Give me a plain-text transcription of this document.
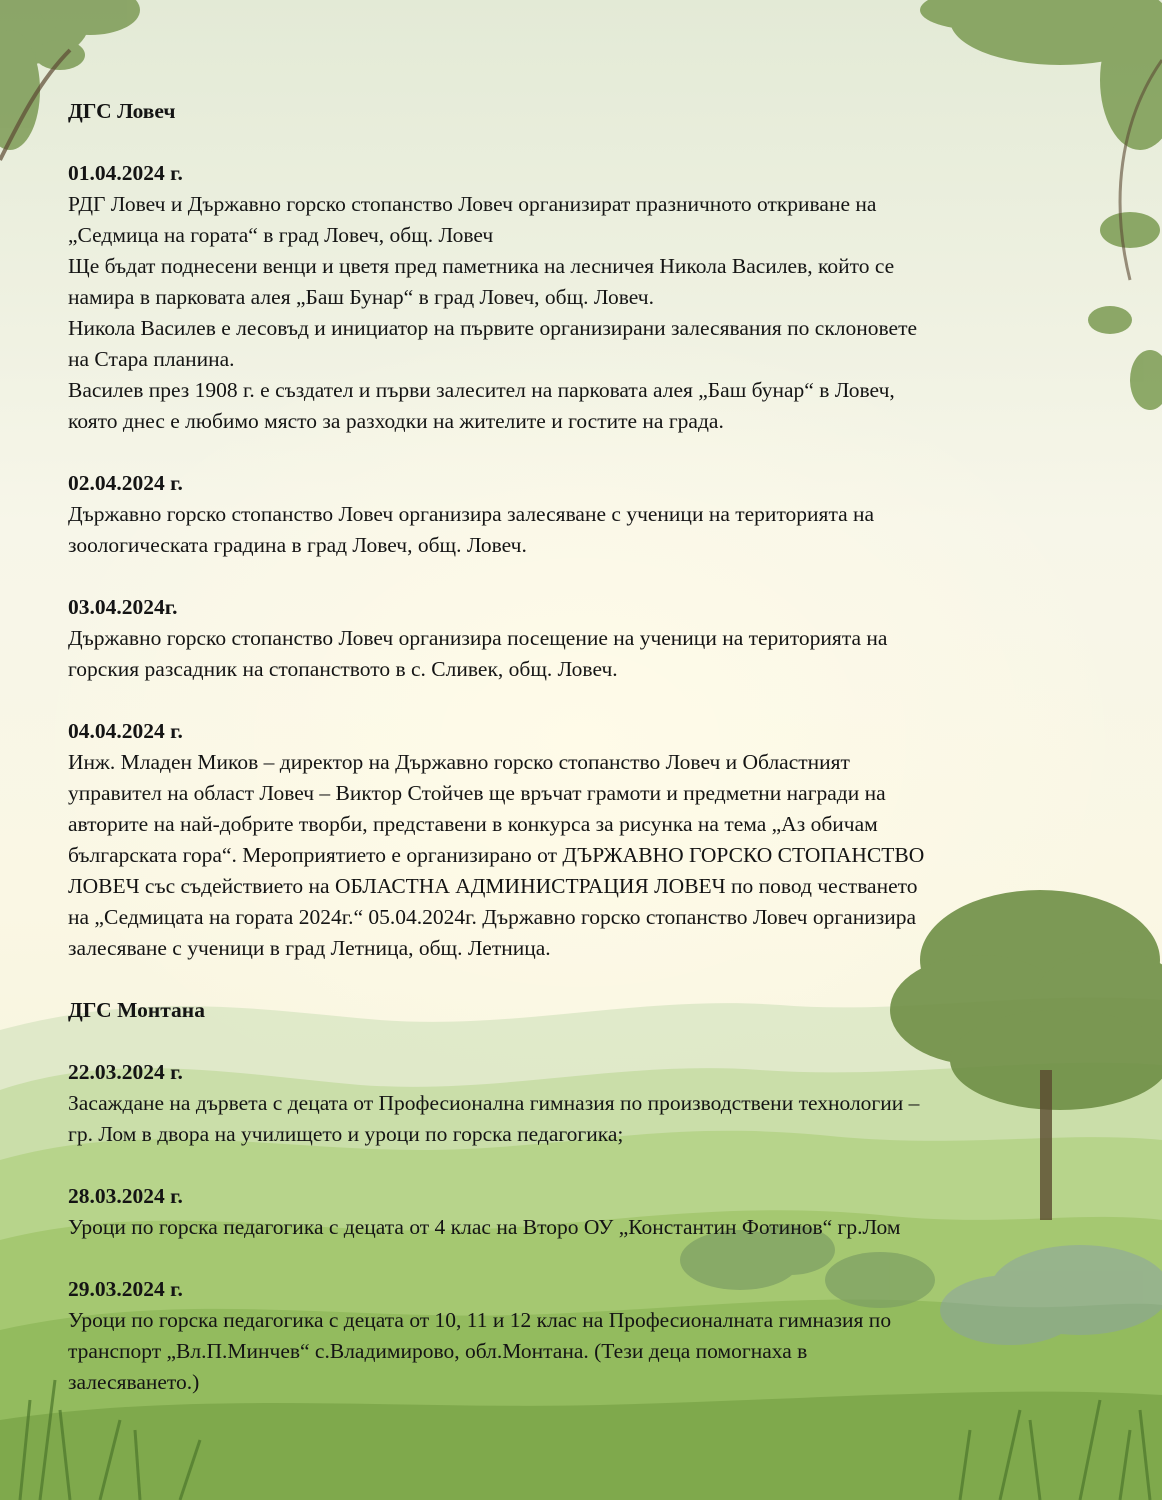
ДГС Ловеч
01.04.2024 г.
РДГ Ловеч и Държавно горско стопанство Ловеч организират празничното откриване на
„Седмица на гората“ в град Ловеч, общ. Ловеч
Ще бъдат поднесени венци и цветя пред паметника на лесничея Никола Василев, който се
намира в парковата алея „Баш Бунар“ в град Ловеч, общ. Ловеч.
Никола Василев е лесовъд и инициатор на първите организирани залесявания по склоновете
на Стара планина.
Василев през 1908 г. е създател и първи залесител на парковата алея „Баш бунар“ в Ловеч,
която днес е любимо място за разходки на жителите и гостите на града.
02.04.2024 г.
Държавно горско стопанство Ловеч организира залесяване с ученици на територията на
зоологическата градина в град Ловеч, общ. Ловеч.
03.04.2024г.
Държавно горско стопанство Ловеч организира посещение на ученици на територията на
горския разсадник на стопанството в с. Сливек, общ. Ловеч.
04.04.2024 г.
Инж. Младен Миков – директор на Държавно горско стопанство Ловеч и Областният
управител на област Ловеч – Виктор Стойчев ще връчат грамоти и предметни награди на
авторите на най-добрите творби, представени в конкурса за рисунка на тема „Аз обичам
българската гора“. Мероприятието е организирано от ДЪРЖАВНО ГОРСКО СТОПАНСТВО
ЛОВЕЧ със съдействието на ОБЛАСТНА АДМИНИСТРАЦИЯ ЛОВЕЧ по повод честването
на „Седмицата на гората 2024г.“ 05.04.2024г. Държавно горско стопанство Ловеч организира
залесяване с ученици в град Летница, общ. Летница.
ДГС Монтана
22.03.2024 г.
Засаждане на дървета с децата от Професионална гимназия по производствени технологии –
гр. Лом в двора на училището и уроци по горска педагогика;
28.03.2024 г.
Уроци по горска педагогика с децата от 4 клас на Второ ОУ „Константин Фотинов“ гр.Лом
29.03.2024 г.
Уроци по горска педагогика с децата от 10, 11 и 12 клас на Професионалната гимназия по
транспорт „Вл.П.Минчев“ с.Владимирово, обл.Монтана. (Тези деца помогнаха в
залесяването.)
